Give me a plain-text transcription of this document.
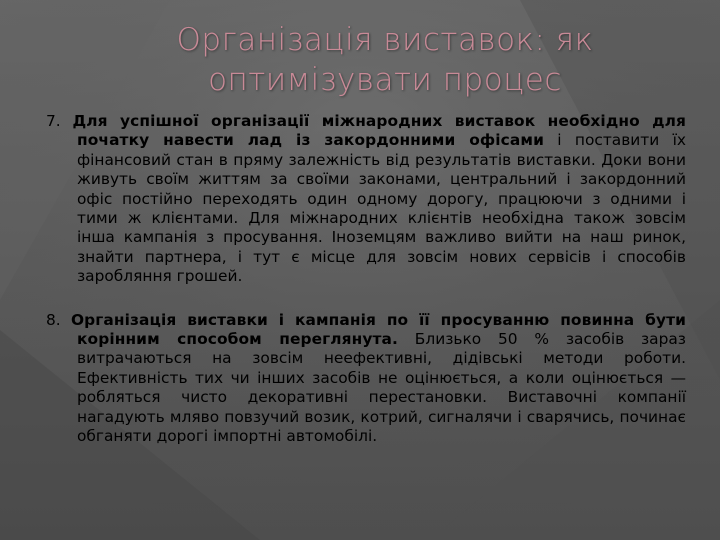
Організація виставок: як оптимізувати процес

7. Для успішної організації міжнародних виставок необхідно для початку навести лад із закордонними офісами і поставити їх фінансовий стан в пряму залежність від результатів виставки. Доки вони живуть своїм життям за своїми законами, центральний і закордонний офіс постійно переходять один одному дорогу, працюючи з одними і тими ж клієнтами. Для міжнародних клієнтів необхідна також зовсім інша кампанія з просування. Іноземцям важливо вийти на наш ринок, знайти партнера, і тут є місце для зовсім нових сервісів і способів заробляння грошей.

8. Організація виставки і кампанія по її просуванню повинна бути корінним способом переглянута. Близько 50 % засобів зараз витрачаються на зовсім неефективні, дідівські методи роботи. Ефективність тих чи інших засобів не оцінюється, а коли оцінюється — робляться чисто декоративні перестановки. Виставочні компанії нагадують мляво повзучий возик, котрий, сигналячи і сварячись, починає обганяти дорогі імпортні автомобілі.
